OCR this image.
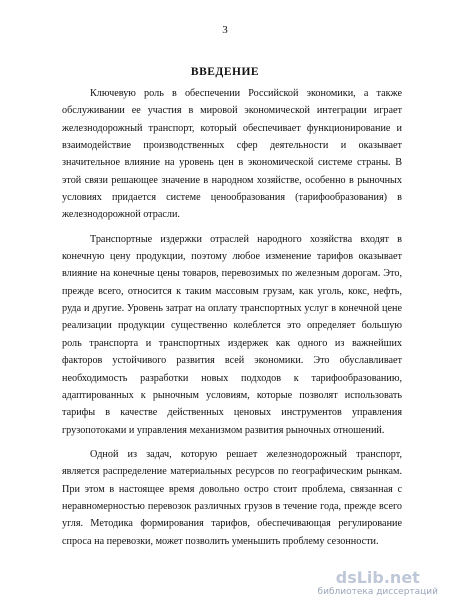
3
ВВЕДЕНИЕ

Ключевую роль в обеспечении Российской экономики, а также обслуживании ее участия в мировой экономической интеграции играет железнодорожный транспорт, который обеспечивает функционирование и взаимодействие производственных сфер деятельности и оказывает значительное влияние на уровень цен в экономической системе страны. В этой связи решающее значение в народном хозяйстве, особенно в рыночных условиях придается системе ценообразования (тарифообразования) в железнодорожной отрасли.

Транспортные издержки отраслей народного хозяйства входят в конечную цену продукции, поэтому любое изменение тарифов оказывает влияние на конечные цены товаров, перевозимых по железным дорогам. Это, прежде всего, относится к таким массовым грузам, как уголь, кокс, нефть, руда и другие. Уровень затрат на оплату транспортных услуг в конечной цене реализации продукции существенно колеблется это определяет большую роль транспорта и транспортных издержек как одного из важнейших факторов устойчивого развития всей экономики. Это обуславливает необходимость разработки новых подходов к тарифообразованию, адаптированных к рыночным условиям, которые позволят использовать тарифы в качестве действенных ценовых инструментов управления грузопотоками и управления механизмом развития рыночных отношений.

Одной из задач, которую решает железнодорожный транспорт, является распределение материальных ресурсов по географическим рынкам. При этом в настоящее время довольно остро стоит проблема, связанная с неравномерностью перевозок различных грузов в течение года, прежде всего угля. Методика формирования тарифов, обеспечивающая регулирование спроса на перевозки, может позволить уменьшить проблему сезонности.

dsLib.net
библиотека диссертаций
